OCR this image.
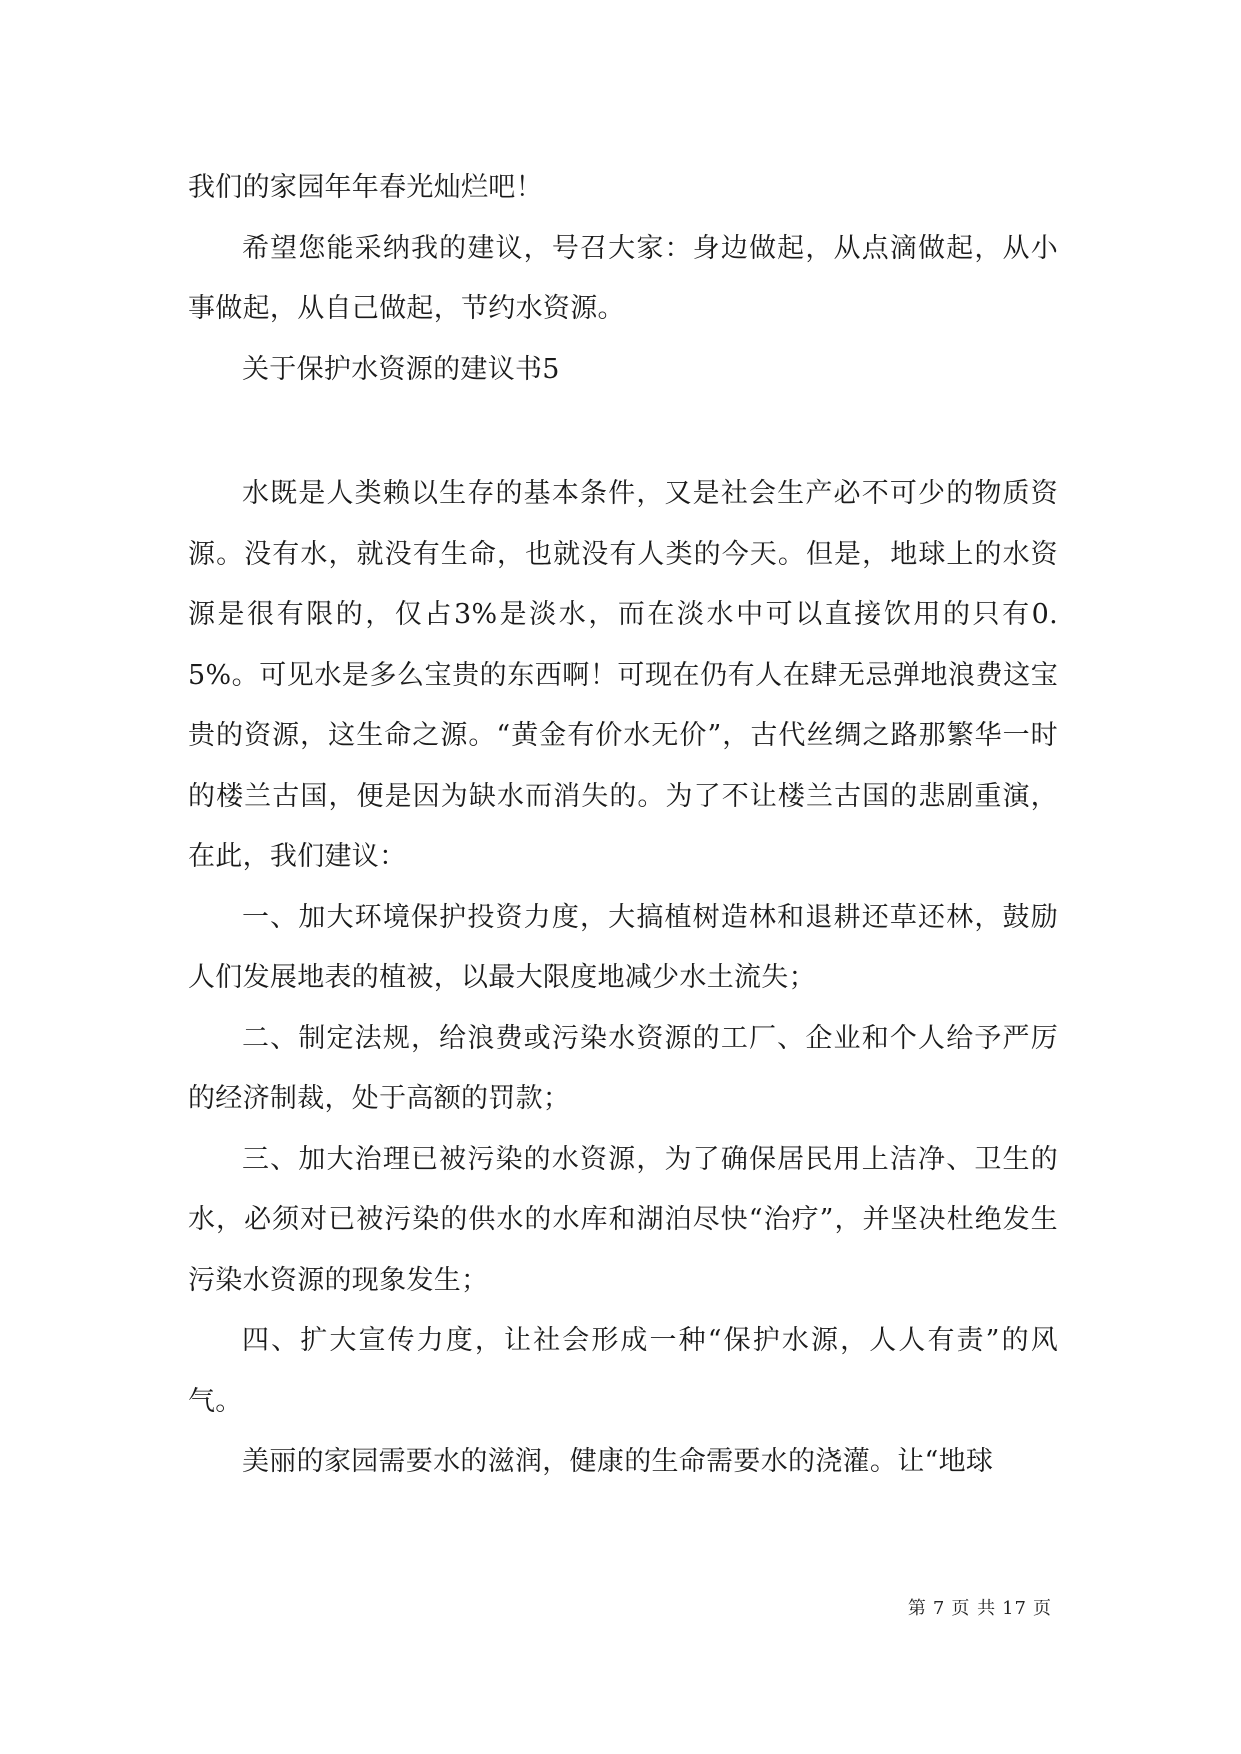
我们的家园年年春光灿烂吧！

希望您能采纳我的建议，号召大家：身边做起，从点滴做起，从小事做起，从自己做起，节约水资源。

关于保护水资源的建议书5

水既是人类赖以生存的基本条件，又是社会生产必不可少的物质资源。没有水，就没有生命，也就没有人类的今天。但是，地球上的水资源是很有限的，仅占3%是淡水，而在淡水中可以直接饮用的只有0.5%。可见水是多么宝贵的东西啊！可现在仍有人在肆无忌弹地浪费这宝贵的资源，这生命之源。“黄金有价水无价”，古代丝绸之路那繁华一时的楼兰古国，便是因为缺水而消失的。为了不让楼兰古国的悲剧重演，在此，我们建议：

一、加大环境保护投资力度，大搞植树造林和退耕还草还林，鼓励人们发展地表的植被，以最大限度地减少水土流失；

二、制定法规，给浪费或污染水资源的工厂、企业和个人给予严厉的经济制裁，处于高额的罚款；

三、加大治理已被污染的水资源，为了确保居民用上洁净、卫生的水，必须对已被污染的供水的水库和湖泊尽快“治疗”，并坚决杜绝发生污染水资源的现象发生；

四、扩大宣传力度，让社会形成一种“保护水源，人人有责”的风气。

美丽的家园需要水的滋润，健康的生命需要水的浇灌。让“地球

第 7 页 共 17 页
